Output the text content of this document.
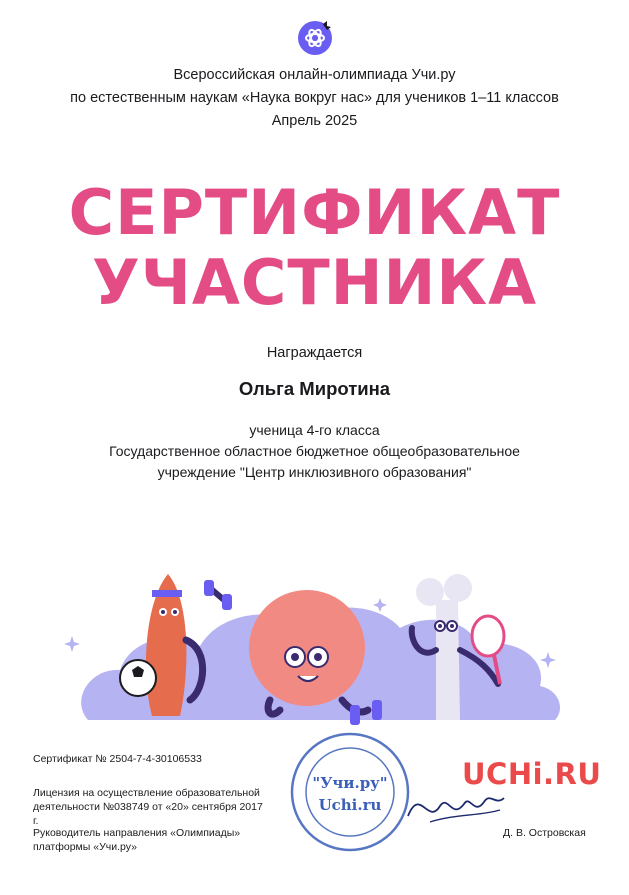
Всероссийская онлайн-олимпиада Учи.ру
по естественным наукам «Наука вокруг нас» для учеников 1–11 классов
Апрель 2025
СЕРТИФИКАТ
УЧАСТНИКА
Награждается
Ольга Миротина
ученица 4-го класса
Государственное областное бюджетное общеобразовательное
учреждение "Центр инклюзивного образования"
Сертификат № 2504-7-4-30106533
Лицензия на осуществление образовательной
деятельности №038749 от «20» сентября 2017 г.
Руководитель направления «Олимпиады»
платформы «Учи.ру»
"Учи.ру"
Uchi.ru
UCHi.RU
Д. В. Островская
